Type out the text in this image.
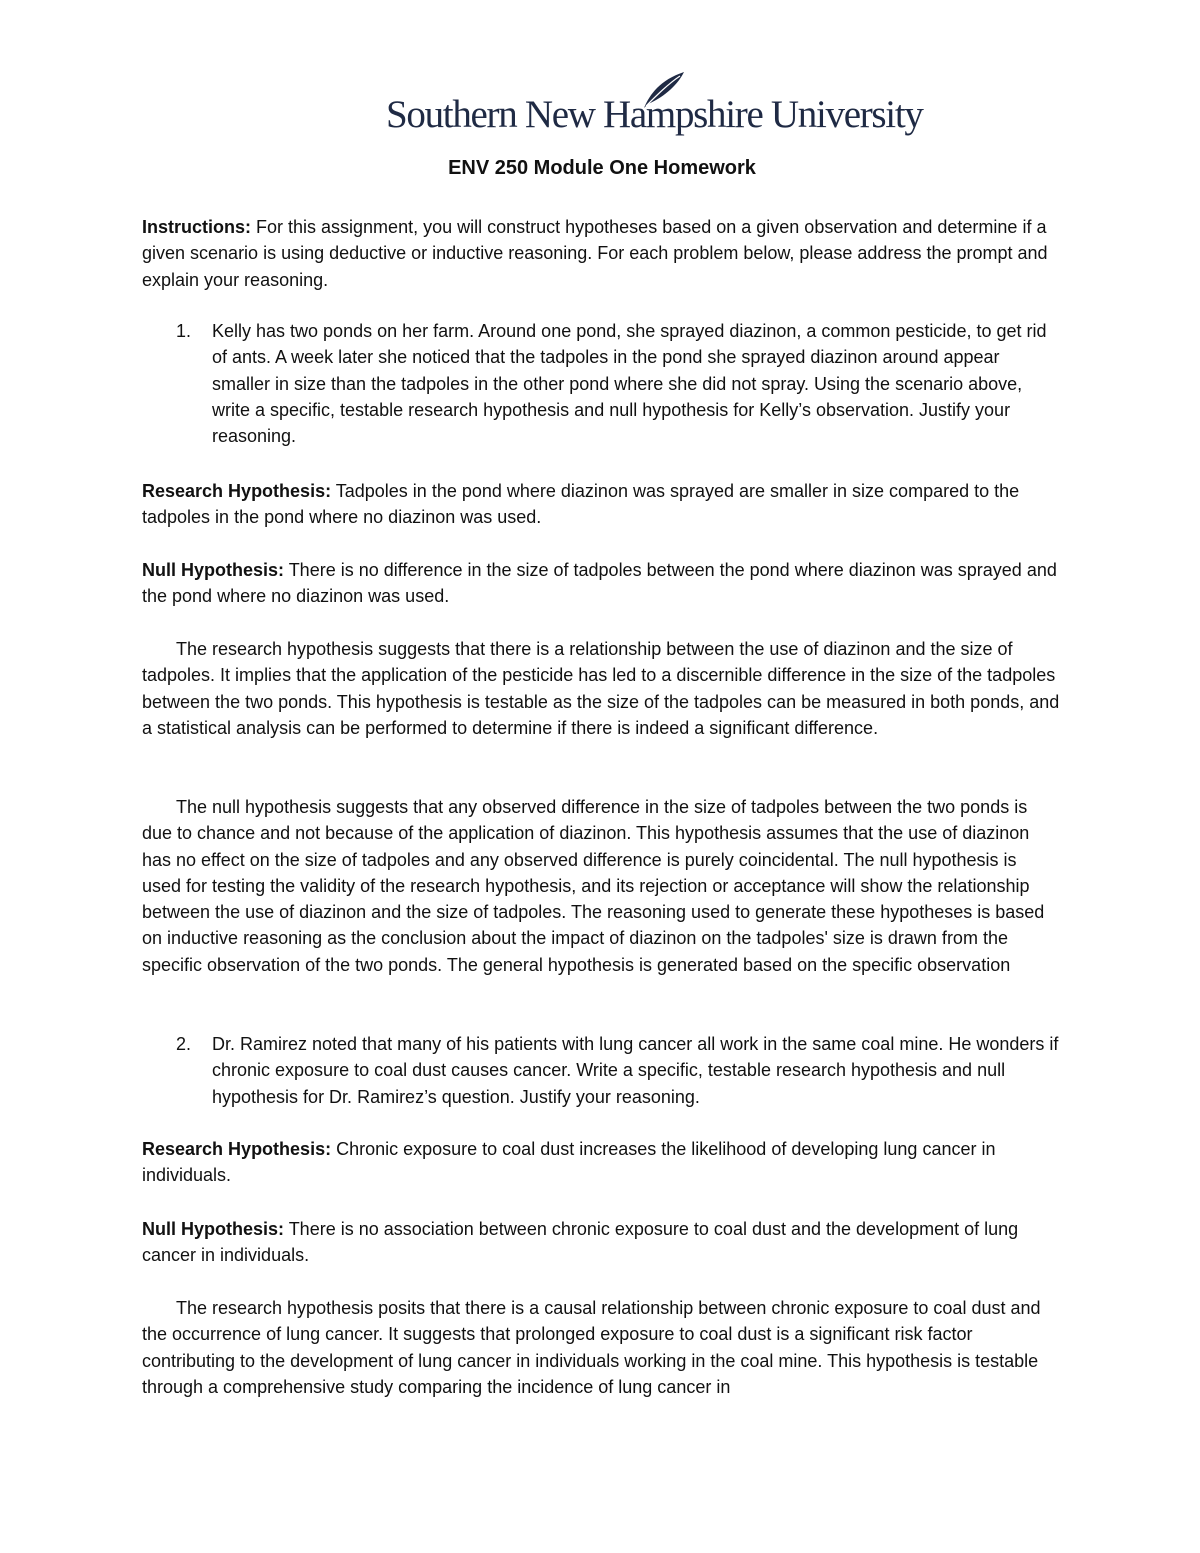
Southern New Hampshire University
ENV 250 Module One Homework

Instructions: For this assignment, you will construct hypotheses based on a given observation and determine if a given scenario is using deductive or inductive reasoning. For each problem below, please address the prompt and explain your reasoning.

1. Kelly has two ponds on her farm. Around one pond, she sprayed diazinon, a common pesticide, to get rid of ants. A week later she noticed that the tadpoles in the pond she sprayed diazinon around appear smaller in size than the tadpoles in the other pond where she did not spray. Using the scenario above, write a specific, testable research hypothesis and null hypothesis for Kelly’s observation. Justify your reasoning.

Research Hypothesis: Tadpoles in the pond where diazinon was sprayed are smaller in size compared to the tadpoles in the pond where no diazinon was used.

Null Hypothesis: There is no difference in the size of tadpoles between the pond where diazinon was sprayed and the pond where no diazinon was used.

The research hypothesis suggests that there is a relationship between the use of diazinon and the size of tadpoles. It implies that the application of the pesticide has led to a discernible difference in the size of the tadpoles between the two ponds. This hypothesis is testable as the size of the tadpoles can be measured in both ponds, and a statistical analysis can be performed to determine if there is indeed a significant difference.

The null hypothesis suggests that any observed difference in the size of tadpoles between the two ponds is due to chance and not because of the application of diazinon. This hypothesis assumes that the use of diazinon has no effect on the size of tadpoles and any observed difference is purely coincidental. The null hypothesis is used for testing the validity of the research hypothesis, and its rejection or acceptance will show the relationship between the use of diazinon and the size of tadpoles. The reasoning used to generate these hypotheses is based on inductive reasoning as the conclusion about the impact of diazinon on the tadpoles' size is drawn from the specific observation of the two ponds. The general hypothesis is generated based on the specific observation

2. Dr. Ramirez noted that many of his patients with lung cancer all work in the same coal mine. He wonders if chronic exposure to coal dust causes cancer. Write a specific, testable research hypothesis and null hypothesis for Dr. Ramirez’s question. Justify your reasoning.

Research Hypothesis: Chronic exposure to coal dust increases the likelihood of developing lung cancer in individuals.

Null Hypothesis: There is no association between chronic exposure to coal dust and the development of lung cancer in individuals.

The research hypothesis posits that there is a causal relationship between chronic exposure to coal dust and the occurrence of lung cancer. It suggests that prolonged exposure to coal dust is a significant risk factor contributing to the development of lung cancer in individuals working in the coal mine. This hypothesis is testable through a comprehensive study comparing the incidence of lung cancer in
